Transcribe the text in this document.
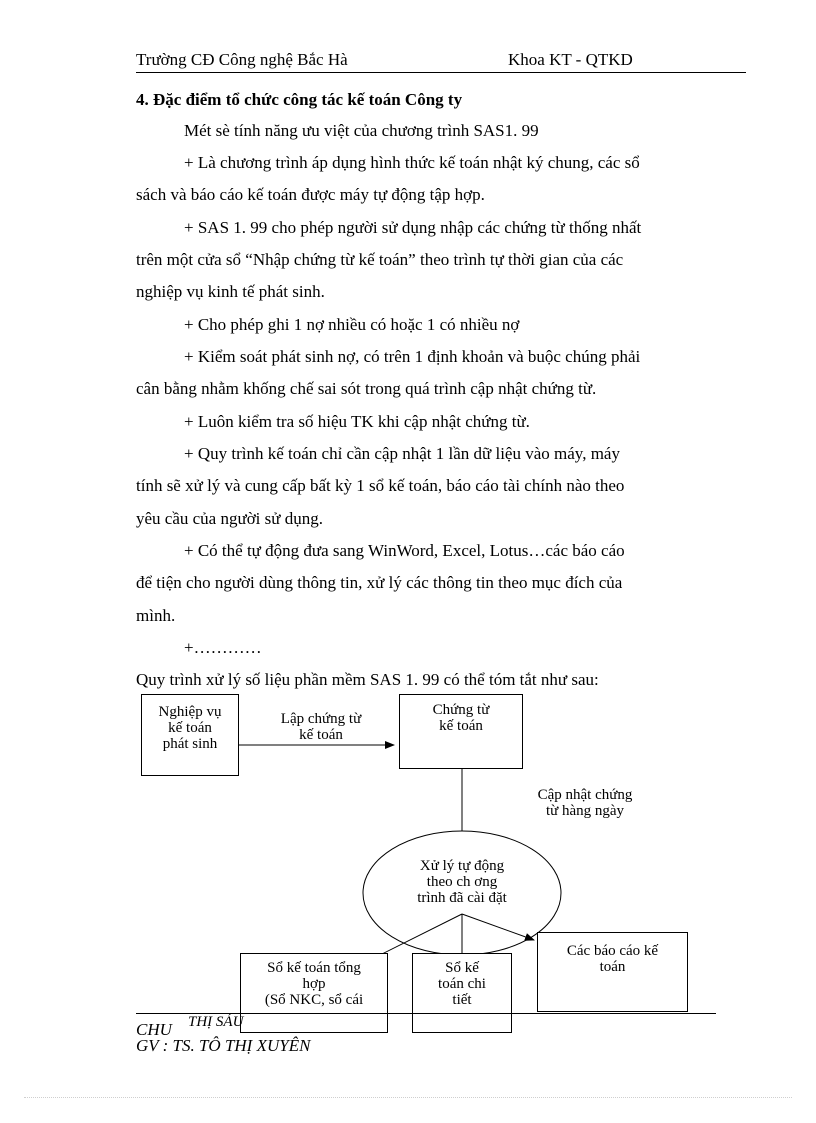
Trường CĐ Công nghệ Bắc Hà	Khoa KT - QTKD
4. Đặc điểm tổ chức công tác kế toán Công ty
Mét sè tính năng ưu việt của chương trình SAS1. 99
+ Là chương trình áp dụng hình thức kế toán nhật ký chung, các sổ
sách và báo cáo kế toán được máy tự động tập hợp.
+ SAS 1. 99 cho phép người sử dụng nhập các chứng từ thống nhất
trên một cửa sổ “Nhập chứng từ kế toán” theo trình tự thời gian của các
nghiệp vụ kinh tế phát sinh.
+ Cho phép ghi 1 nợ nhiều có hoặc 1 có nhiều nợ
+ Kiểm soát phát sinh nợ, có trên 1 định khoản và buộc chúng phải
cân bằng nhằm khống chế sai sót trong quá trình cập nhật chứng từ.
+ Luôn kiểm tra số hiệu TK khi cập nhật chứng từ.
+ Quy trình kế toán chỉ cần cập nhật 1 lần dữ liệu vào máy, máy
tính sẽ xử lý và cung cấp bất kỳ 1 sổ kế toán, báo cáo tài chính nào theo
yêu cầu của người sử dụng.
+ Có thể tự động đưa sang WinWord, Excel, Lotus…các báo cáo
để tiện cho người dùng thông tin, xử lý các thông tin theo mục đích của
mình.
+…………
Quy trình xử lý số liệu phần mềm SAS 1. 99 có thể tóm tắt như sau:
Nghiệp vụ
kế toán
phát sinh
Lập chứng từ
kế toán
Chứng từ
kế toán
Cập nhật chứng
từ hàng ngày
Xử lý tự động
theo ch ơng
trình đã cài đặt
Sổ kế toán tổng
hợp
(Sổ NKC, sổ cái
Sổ kế
toán chi
tiết
Các báo cáo kế
toán
CHU THỊ SÁU
GV : TS. TÔ THỊ XUYÊN
